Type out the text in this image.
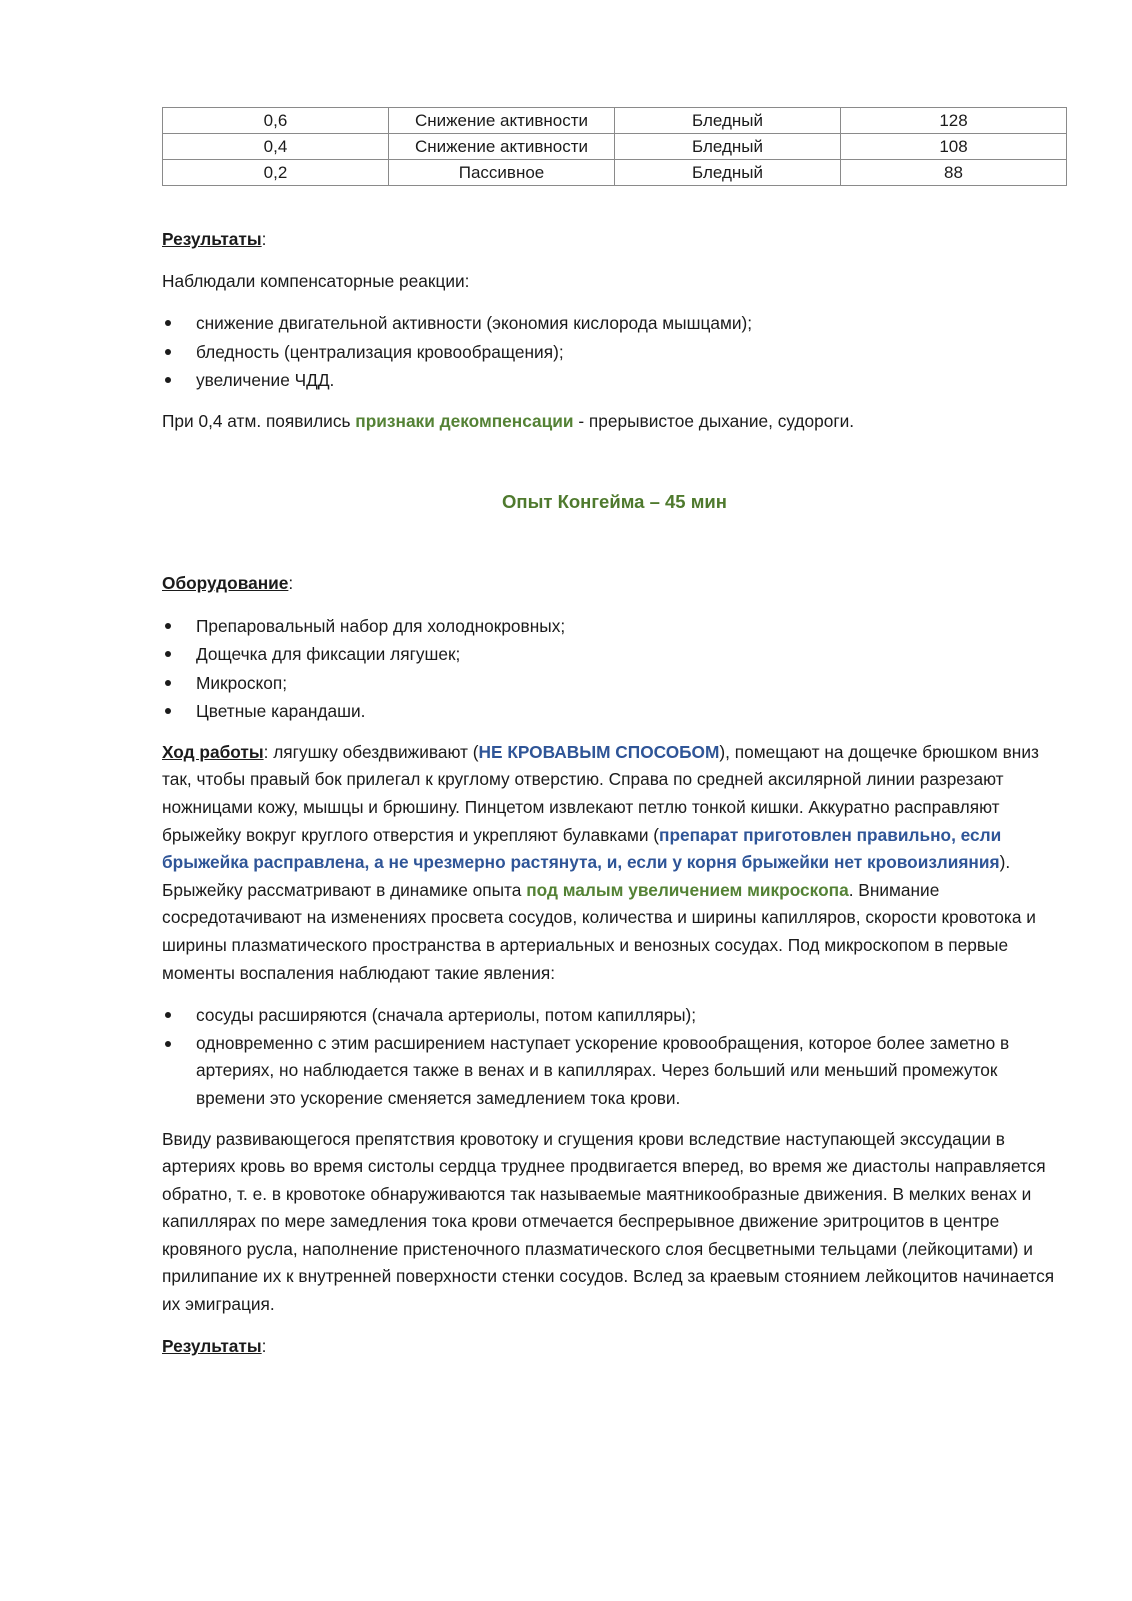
0,6	Снижение активности	Бледный	128
0,4	Снижение активности	Бледный	108
0,2	Пассивное	Бледный	88

Результаты:

Наблюдали компенсаторные реакции:

снижение двигательной активности (экономия кислорода мышцами);
бледность (централизация кровообращения);
увеличение ЧДД.

При 0,4 атм. появились признаки декомпенсации - прерывистое дыхание, судороги.

Опыт Конгейма – 45 мин

Оборудование:

Препаровальный набор для холоднокровных;
Дощечка для фиксации лягушек;
Микроскоп;
Цветные карандаши.

Ход работы: лягушку обездвиживают (НЕ КРОВАВЫМ СПОСОБОМ), помещают на дощечке брюшком вниз так, чтобы правый бок прилегал к круглому отверстию. Справа по средней аксилярной линии разрезают ножницами кожу, мышцы и брюшину. Пинцетом извлекают петлю тонкой кишки. Аккуратно расправляют брыжейку вокруг круглого отверстия и укрепляют булавками (препарат приготовлен правильно, если брыжейка расправлена, а не чрезмерно растянута, и, если у корня брыжейки нет кровоизлияния). Брыжейку рассматривают в динамике опыта под малым увеличением микроскопа. Внимание сосредотачивают на изменениях просвета сосудов, количества и ширины капилляров, скорости кровотока и ширины плазматического пространства в артериальных и венозных сосудах. Под микроскопом в первые моменты воспаления наблюдают такие явления:

сосуды расширяются (сначала артериолы, потом капилляры);
одновременно с этим расширением наступает ускорение кровообращения, которое более заметно в артериях, но наблюдается также в венах и в капиллярах. Через больший или меньший промежуток времени это ускорение сменяется замедлением тока крови.

Ввиду развивающегося препятствия кровотоку и сгущения крови вследствие наступающей экссудации в артериях кровь во время систолы сердца труднее продвигается вперед, во время же диастолы направляется обратно, т. е. в кровотоке обнаруживаются так называемые маятникообразные движения. В мелких венах и капиллярах по мере замедления тока крови отмечается беспрерывное движение эритроцитов в центре кровяного русла, наполнение пристеночного плазматического слоя бесцветными тельцами (лейкоцитами) и прилипание их к внутренней поверхности стенки сосудов. Вслед за краевым стоянием лейкоцитов начинается их эмиграция.

Результаты:
